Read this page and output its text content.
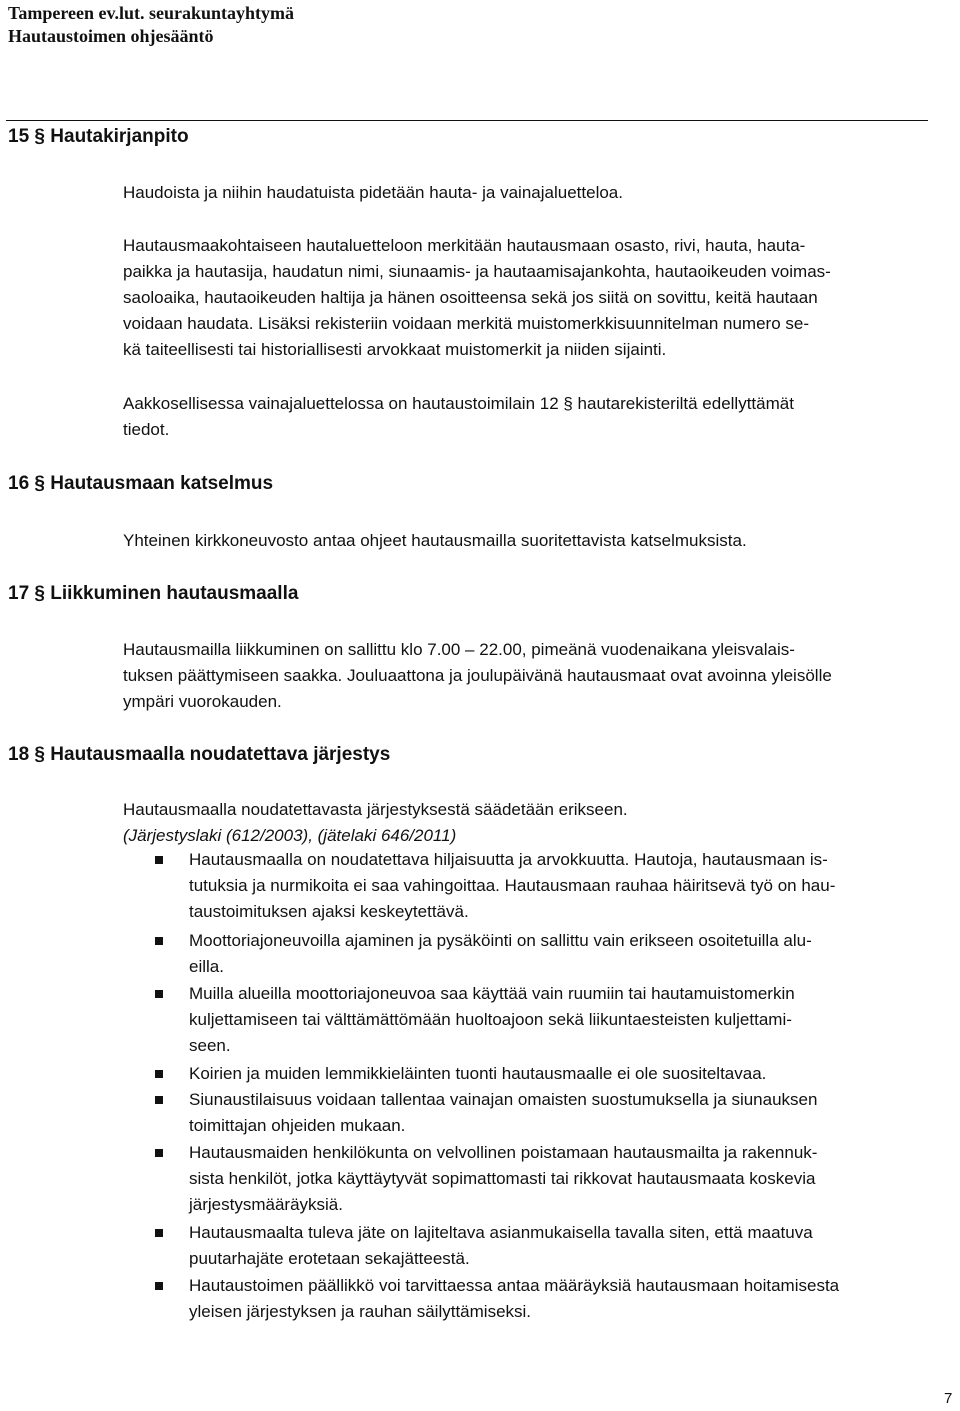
Tampereen ev.lut. seurakuntayhtymä
Hautaustoimen ohjesääntö
15 § Hautakirjanpito
Haudoista ja niihin haudatuista pidetään hauta- ja vainajaluetteloa.
Hautausmaakohtaiseen hautaluetteloon merkitään hautausmaan osasto, rivi, hauta, hauta-
paikka ja hautasija, haudatun nimi, siunaamis- ja hautaamisajankohta, hautaoikeuden voimas-
saoloaika, hautaoikeuden haltija ja hänen osoitteensa sekä jos siitä on sovittu, keitä hautaan
voidaan haudata. Lisäksi rekisteriin voidaan merkitä muistomerkkisuunnitelman numero se-
kä taiteellisesti tai historiallisesti arvokkaat muistomerkit ja niiden sijainti.
Aakkosellisessa vainajaluettelossa on hautaustoimilain 12 § hautarekisteriltä edellyttämät
tiedot.
16 § Hautausmaan katselmus
Yhteinen kirkkoneuvosto antaa ohjeet hautausmailla suoritettavista katselmuksista.
17 § Liikkuminen hautausmaalla
Hautausmailla liikkuminen on sallittu klo 7.00 – 22.00, pimeänä vuodenaikana yleisvalais-
tuksen päättymiseen saakka. Jouluaattona ja joulupäivänä hautausmaat ovat avoinna yleisölle
ympäri vuorokauden.
18 § Hautausmaalla noudatettava järjestys
Hautausmaalla noudatettavasta järjestyksestä säädetään erikseen.
(Järjestyslaki (612/2003), (jätelaki 646/2011)
Hautausmaalla on noudatettava hiljaisuutta ja arvokkuutta. Hautoja, hautausmaan is-
tutuksia ja nurmikoita ei saa vahingoittaa. Hautausmaan rauhaa häiritsevä työ on hau-
taustoimituksen ajaksi keskeytettävä.
Moottoriajoneuvoilla ajaminen ja pysäköinti on sallittu vain erikseen osoitetuilla alu-
eilla.
Muilla alueilla moottoriajoneuvoa saa käyttää vain ruumiin tai hautamuistomerkin
kuljettamiseen tai välttämättömään huoltoajoon sekä liikuntaesteisten kuljettami-
seen.
Koirien ja muiden lemmikkieläinten tuonti hautausmaalle ei ole suositeltavaa.
Siunaustilaisuus voidaan tallentaa vainajan omaisten suostumuksella ja siunauksen
toimittajan ohjeiden mukaan.
Hautausmaiden henkilökunta on velvollinen poistamaan hautausmailta ja rakennuk-
sista henkilöt, jotka käyttäytyvät sopimattomasti tai rikkovat hautausmaata koskevia
järjestysmääräyksiä.
Hautausmaalta tuleva jäte on lajiteltava asianmukaisella tavalla siten, että maatuva
puutarhajäte erotetaan sekajätteestä.
Hautaustoimen päällikkö voi tarvittaessa antaa määräyksiä hautausmaan hoitamisesta
yleisen järjestyksen ja rauhan säilyttämiseksi.
7
